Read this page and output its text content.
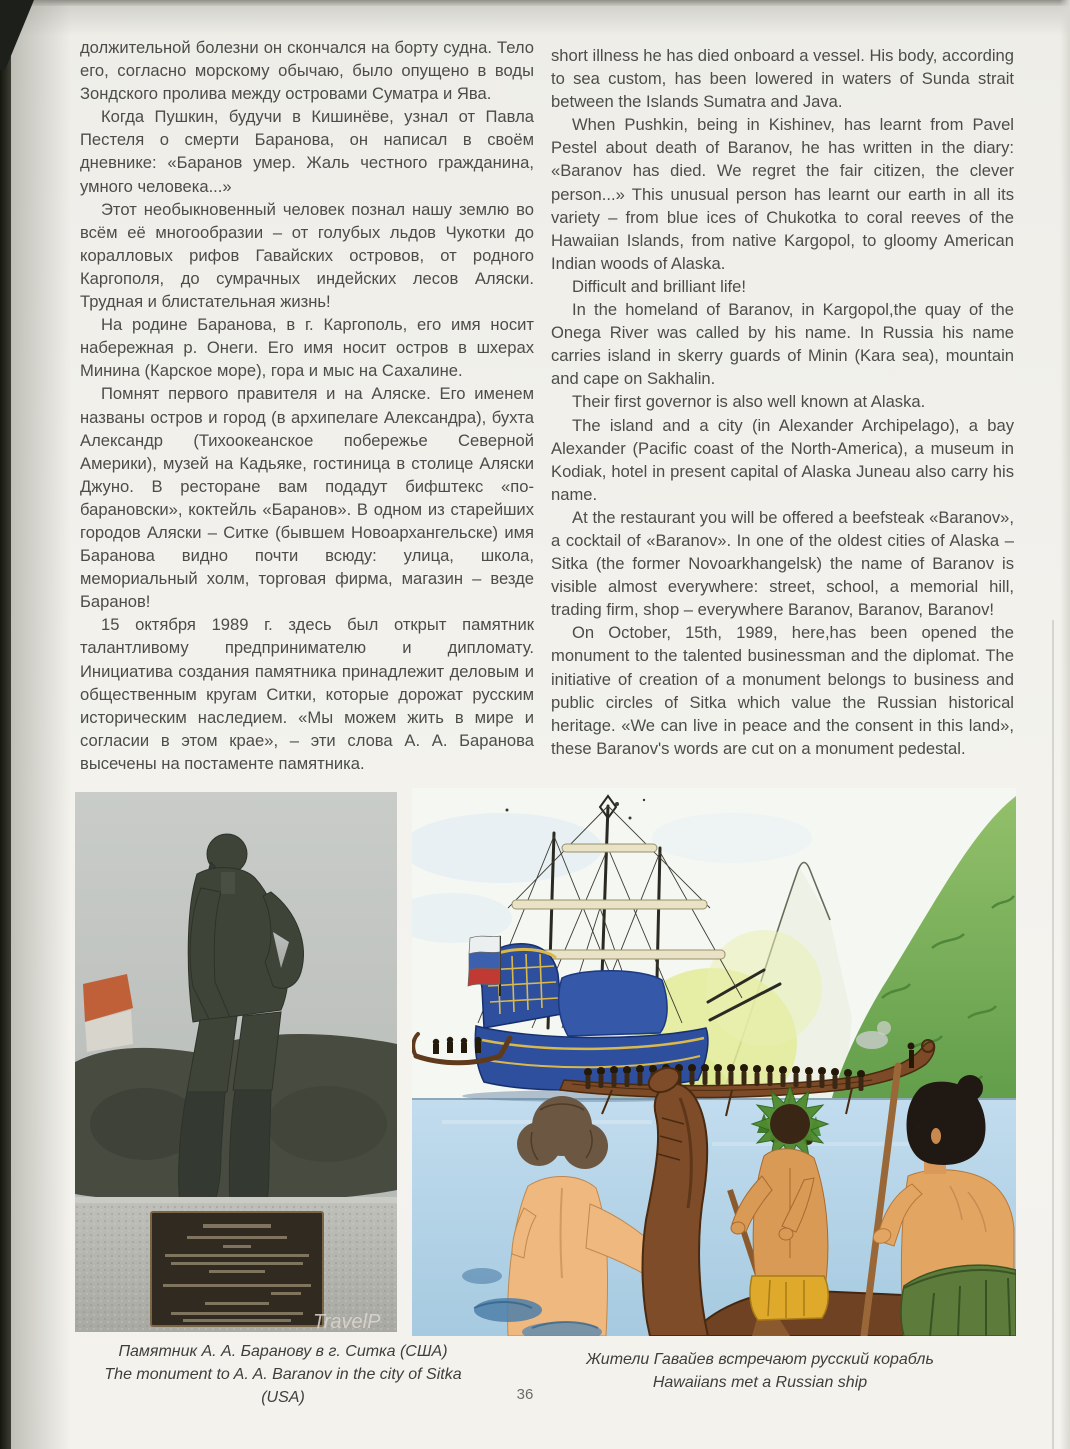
должительной болезни он скончался на борту судна. Тело его, согласно морскому обычаю, было опущено в воды Зондского пролива между островами Суматра и Ява.

Когда Пушкин, будучи в Кишинёве, узнал от Павла Пестеля о смерти Баранова, он написал в своём дневнике: «Баранов умер. Жаль честного гражданина, умного человека...»

Этот необыкновенный человек познал нашу землю во всём её многообразии – от голубых льдов Чукотки до коралловых рифов Гавайских островов, от родного Каргополя, до сумрачных индейских лесов Аляски. Трудная и блистательная жизнь!

На родине Баранова, в г. Каргополь, его имя носит набережная р. Онеги. Его имя носит остров в шхерах Минина (Карское море), гора и мыс на Сахалине.

Помнят первого правителя и на Аляске. Его именем названы остров и город (в архипелаге Александра), бухта Александр (Тихоокеанское побережье Северной Америки), музей на Кадьяке, гостиница в столице Аляски Джуно. В ресторане вам подадут бифштекс «по-барановски», коктейль «Баранов». В одном из старейших городов Аляски – Ситке (бывшем Новоархангельске) имя Баранова видно почти всюду: улица, школа, мемориальный холм, торговая фирма, магазин – везде Баранов!

15 октября 1989 г. здесь был открыт памятник талантливому предпринимателю и дипломату. Инициатива создания памятника принадлежит деловым и общественным кругам Ситки, которые дорожат русским историческим наследием. «Мы можем жить в мире и согласии в этом крае», – эти слова А. А. Баранова высечены на постаменте памятника.

short illness he has died onboard a vessel. His body, according to sea custom, has been lowered in waters of Sunda strait between the Islands Sumatra and Java.

When Pushkin, being in Kishinev, has learnt from Pavel Pestel about death of Baranov, he has written in the diary: «Baranov has died. We regret the fair citizen, the clever person...» This unusual person has learnt our earth in all its variety – from blue ices of Chukotka to coral reeves of the Hawaiian Islands, from native Kargopol, to gloomy American Indian woods of Alaska.

Difficult and brilliant life!

In the homeland of Baranov, in Kargopol,the quay of the Onega River was called by his name. In Russia his name carries island in skerry guards of Minin (Kara sea), mountain and cape on Sakhalin.

Their first governor is also well known at Alaska.

The island and a city (in Alexander Archipelago), a bay Alexander (Pacific coast of the North-America), a museum in Kodiak, hotel in present capital of Alaska Juneau also carry his name.

At the restaurant you will be offered a beefsteak «Baranov», a cocktail of «Baranov». In one of the oldest cities of Alaska – Sitka (the former Novoarkhangelsk) the name of Baranov is visible almost everywhere: street, school, a memorial hill, trading firm, shop – everywhere Baranov, Baranov, Baranov!

On October, 15th, 1989, here,has been opened the monument to the talented businessman and the diplomat. The initiative of creation of a monument belongs to business and public circles of Sitka which value the Russian historical heritage. «We can live in peace and the consent in this land», these Baranov's words are cut on a monument pedestal.

TravelP
Памятник А. А. Баранову в г. Ситка (США)
The monument to A. A. Baranov in the city of Sitka (USA)
Жители Гавайев встречают русский корабль
Hawaiians met a Russian ship
36
